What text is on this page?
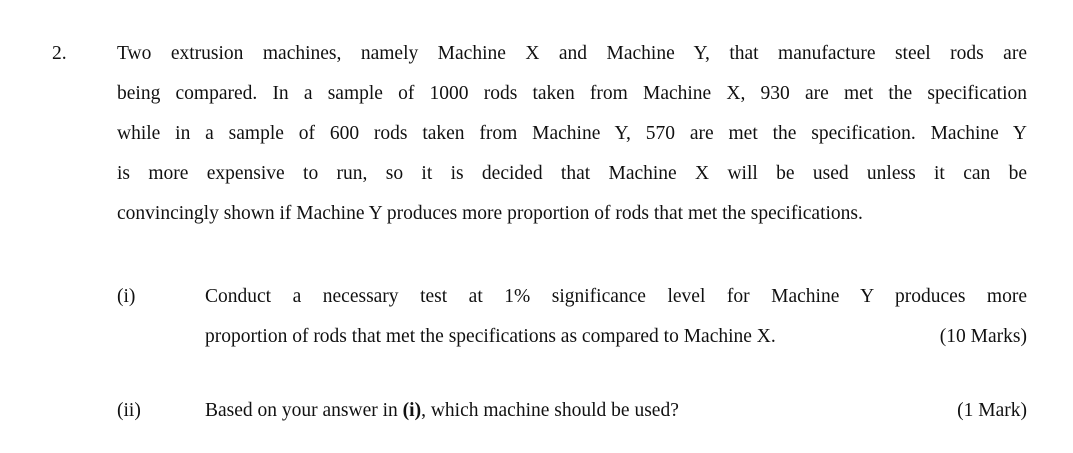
2.	Two extrusion machines, namely Machine X and Machine Y, that manufacture steel rods are
being compared. In a sample of 1000 rods taken from Machine X, 930 are met the specification
while in a sample of 600 rods taken from Machine Y, 570 are met the specification. Machine Y
is more expensive to run, so it is decided that Machine X will be used unless it can be
convincingly shown if Machine Y produces more proportion of rods that met the specifications.
(i)	Conduct a necessary test at 1% significance level for Machine Y produces more
proportion of rods that met the specifications as compared to Machine X.	(10 Marks)
(ii)	Based on your answer in (i), which machine should be used?	(1 Mark)
